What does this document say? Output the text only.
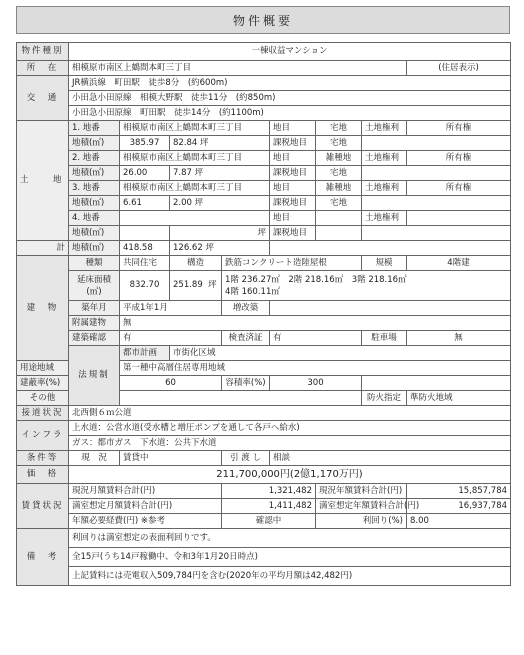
物件概要
物件種別	一棟収益マンション							
所　在	相模原市南区上鶴間本町三丁目							(住居表示)
交　通	JR横浜線　町田駅　徒歩8分　(約600m)							
	小田急小田原線　相模大野駅　徒歩11分　(約850m)							
	小田急小田原線　町田駅　徒歩14分　(約1100m)							
土　地	1. 地番	相模原市南区上鶴間本町三丁目			地目	宅地	土地権利	所有権
	地積(㎡)	385.97	82.84 坪		課税地目	宅地		
	2. 地番	相模原市南区上鶴間本町三丁目			地目	雑種地	土地権利	所有権
	地積(㎡)	26.00	7.87 坪		課税地目	宅地		
	3. 地番	相模原市南区上鶴間本町三丁目			地目	雑種地	土地権利	所有権
	地積(㎡)	6.61	2.00 坪		課税地目	宅地		
	4. 地番				地目		土地権利	
	地積(㎡)		坪		課税地目			
計	地積(㎡)	418.58	126.62 坪					
建　物	種類	共同住宅	構造	鉄筋コンクリート造陸屋根			規模	4階建
	延床面積
(㎡)	832.70	251.89 坪	1階 236.27㎡　2階 218.16㎡　3階 218.16㎡
4階 160.11㎡				
	築年月	平成1年1月		増改築				
	附属建物	無						
	建築確認	有		検査済証	有		駐車場	無
	法規制	都市計画	市街化区域					
用途地域		第一種中高層住居専用地域						
建蔽率(%)		60		容積率(%)	300			
その他							防火指定	準防火地域
接道状況	北西側６ｍ公道							
インフラ	上水道：公営水道(受水槽と増圧ポンプを通して各戸へ給水)							
	ガス：都市ガス　下水道：公共下水道							
条件等	現　況	賃貸中		引 渡 し	相談			
価　格	211,700,000円(2億1,170万円)							
賃貸状況	現況月額賃料合計(円)			1,321,482		現況年額賃料合計(円)		15,857,784
	満室想定月額賃料合計(円)			1,411,482		満室想定年額賃料合計(円)		16,937,784
	年額必要経費(円) ※参考			確認中		利回り(%)		8.00
備　考	利回りは満室想定の表面利回りです。							
	全15戸(うち14戸稼働中、令和3年1月20日時点)							
	上記賃料には売電収入509,784円を含む(2020年の平均月額は42,482円)							
